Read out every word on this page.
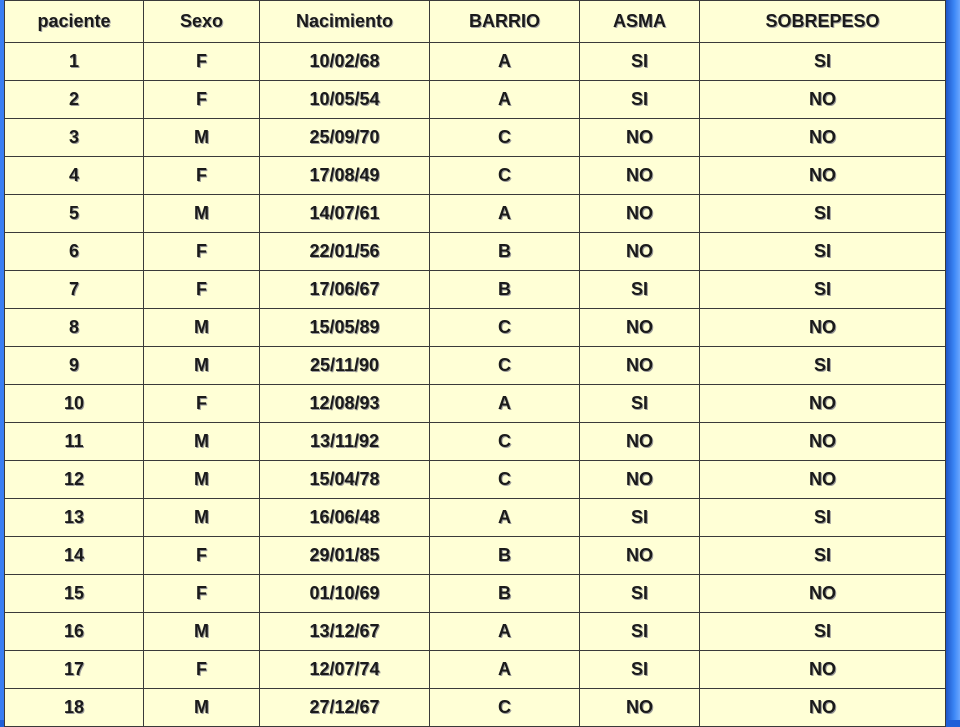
paciente	Sexo	Nacimiento	BARRIO	ASMA	SOBREPESO
1	F	10/02/68	A	SI	SI
2	F	10/05/54	A	SI	NO
3	M	25/09/70	C	NO	NO
4	F	17/08/49	C	NO	NO
5	M	14/07/61	A	NO	SI
6	F	22/01/56	B	NO	SI
7	F	17/06/67	B	SI	SI
8	M	15/05/89	C	NO	NO
9	M	25/11/90	C	NO	SI
10	F	12/08/93	A	SI	NO
11	M	13/11/92	C	NO	NO
12	M	15/04/78	C	NO	NO
13	M	16/06/48	A	SI	SI
14	F	29/01/85	B	NO	SI
15	F	01/10/69	B	SI	NO
16	M	13/12/67	A	SI	SI
17	F	12/07/74	A	SI	NO
18	M	27/12/67	C	NO	NO
